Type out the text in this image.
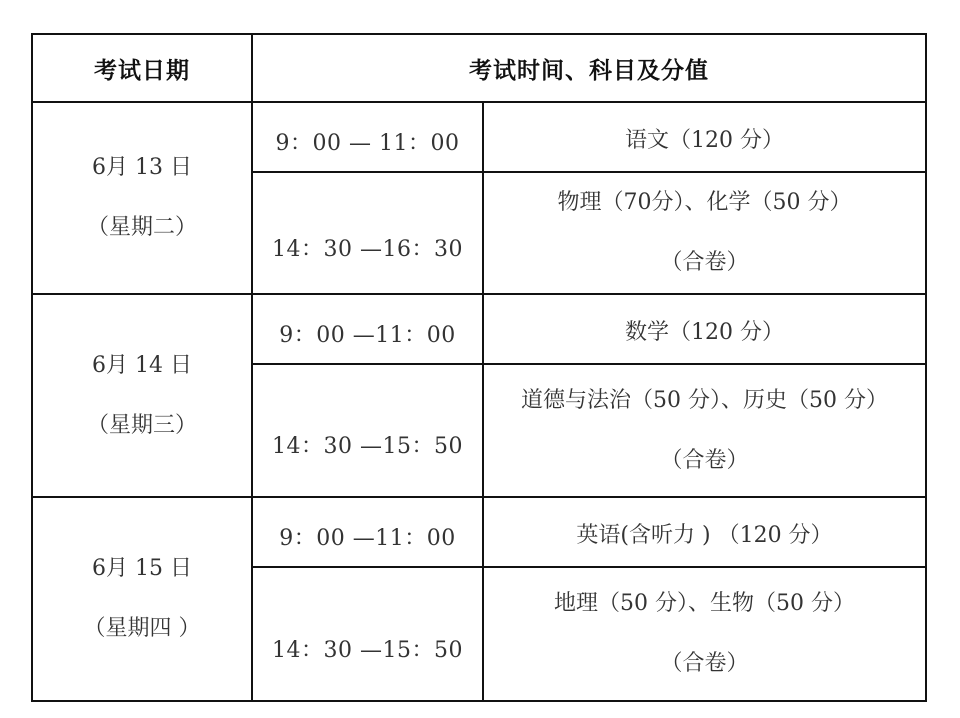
考试日期	考试时间、科目及分值	

6月 13 日
（星期二）	9：00 — 11：00	语文（120 分）

	14：30 —16：30	物理（70分）、化学（50 分）
（合卷）

6月 14 日
（星期三）	9：00 —11：00	数学（120 分）

	14：30 —15：50	道德与法治（50 分）、历史（50 分）
（合卷）

6月 15 日
（星期四 ）	9：00 —11：00	英语(含听力 ) （120 分）

	14：30 —15：50	地理（50 分）、生物（50 分）
（合卷）
